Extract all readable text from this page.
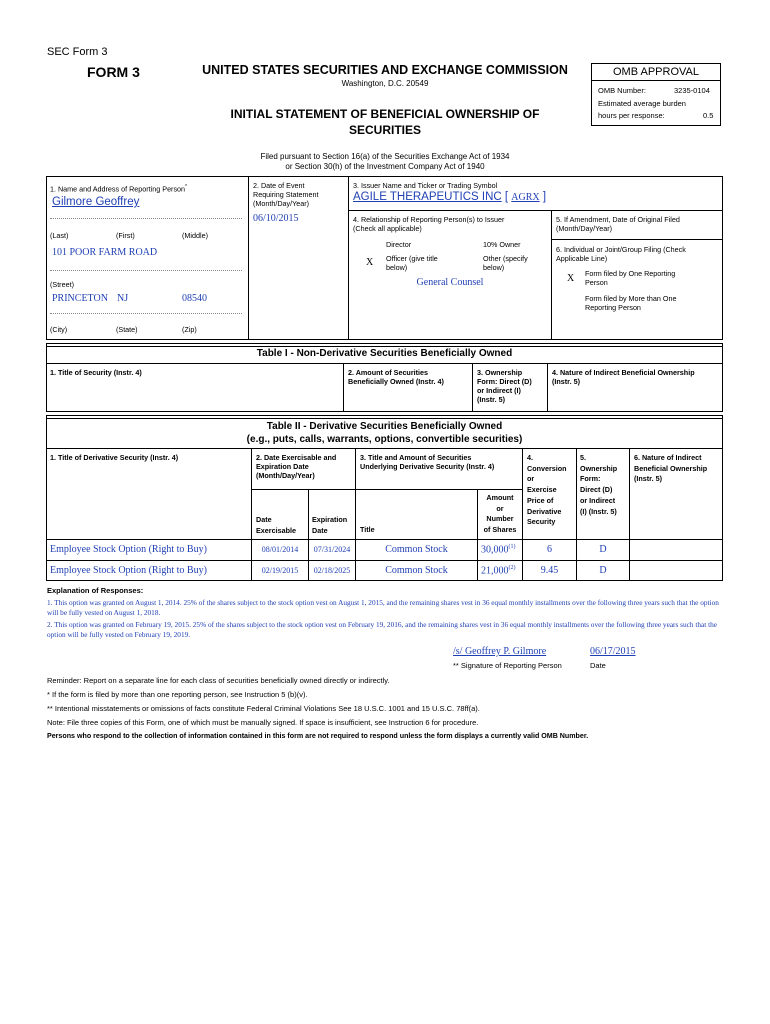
SEC Form 3
FORM 3	UNITED STATES SECURITIES AND EXCHANGE COMMISSION
Washington, D.C. 20549
INITIAL STATEMENT OF BENEFICIAL OWNERSHIP OF
SECURITIES
OMB APPROVAL
OMB Number:	3235-0104
Estimated average burden
hours per response:	0.5
Filed pursuant to Section 16(a) of the Securities Exchange Act of 1934
or Section 30(h) of the Investment Company Act of 1940
1. Name and Address of Reporting Person*
Gilmore Geoffrey
(Last)	(First)	(Middle)
101 POOR FARM ROAD
(Street)
PRINCETON NJ	08540
(City)	(State)	(Zip)
2. Date of Event
Requiring Statement
(Month/Day/Year)
06/10/2015
3. Issuer Name and Ticker or Trading Symbol
AGILE THERAPEUTICS INC [ AGRX ]
4. Relationship of Reporting Person(s) to Issuer
(Check all applicable)
Director	10% Owner
X Officer (give title
below)
Other (specify
below)
General Counsel
5. If Amendment, Date of Original Filed
(Month/Day/Year)
6. Individual or Joint/Group Filing (Check
Applicable Line)
X Form filed by One Reporting
Person
Form filed by More than One
Reporting Person
Table I - Non-Derivative Securities Beneficially Owned
1. Title of Security (Instr. 4)	2. Amount of Securities
Beneficially Owned (Instr. 4)
3. Ownership
Form: Direct (D)
or Indirect (I)
(Instr. 5)
4. Nature of Indirect Beneficial Ownership
(Instr. 5)
Table II - Derivative Securities Beneficially Owned
(e.g., puts, calls, warrants, options, convertible securities)
1. Title of Derivative Security (Instr. 4)	2. Date Exercisable and
Expiration Date
(Month/Day/Year)
3. Title and Amount of Securities
Underlying Derivative Security (Instr. 4)
4.
Conversion
or
Exercise
Price of
Derivative
Security
5.
Ownership
Form:
Direct (D)
or Indirect
(I) (Instr. 5)
6. Nature of Indirect
Beneficial Ownership
(Instr. 5)
Date
Exercisable
Expiration
Date	Title
Amount
or
Number
of Shares
Employee Stock Option (Right to Buy)	08/01/2014	07/31/2024	Common Stock	30,000$^{(1)}$	6	D
Employee Stock Option (Right to Buy)	02/19/2015	02/18/2025	Common Stock	21,000$^{(2)}$	9.45	D
Explanation of Responses:
1. This option was granted on August 1, 2014. 25% of the shares subject to the stock option vest on August 1, 2015, and the remaining shares vest in 36 equal monthly installments over the following three years such that the option will be fully vested on August 1, 2018.
2. This option was granted on February 19, 2015. 25% of the shares subject to the stock option vest on February 19, 2016, and the remaining shares vest in 36 equal monthly installments over the following three years such that the option will be fully vested on February 19, 2019.
/s/ Geoffrey P. Gilmore	06/17/2015
** Signature of Reporting Person	Date
Reminder: Report on a separate line for each class of securities beneficially owned directly or indirectly.
* If the form is filed by more than one reporting person, see Instruction 5 (b)(v).
** Intentional misstatements or omissions of facts constitute Federal Criminal Violations See 18 U.S.C. 1001 and 15 U.S.C. 78ff(a).
Note: File three copies of this Form, one of which must be manually signed. If space is insufficient, see Instruction 6 for procedure.
Persons who respond to the collection of information contained in this form are not required to respond unless the form displays a currently valid OMB Number.
